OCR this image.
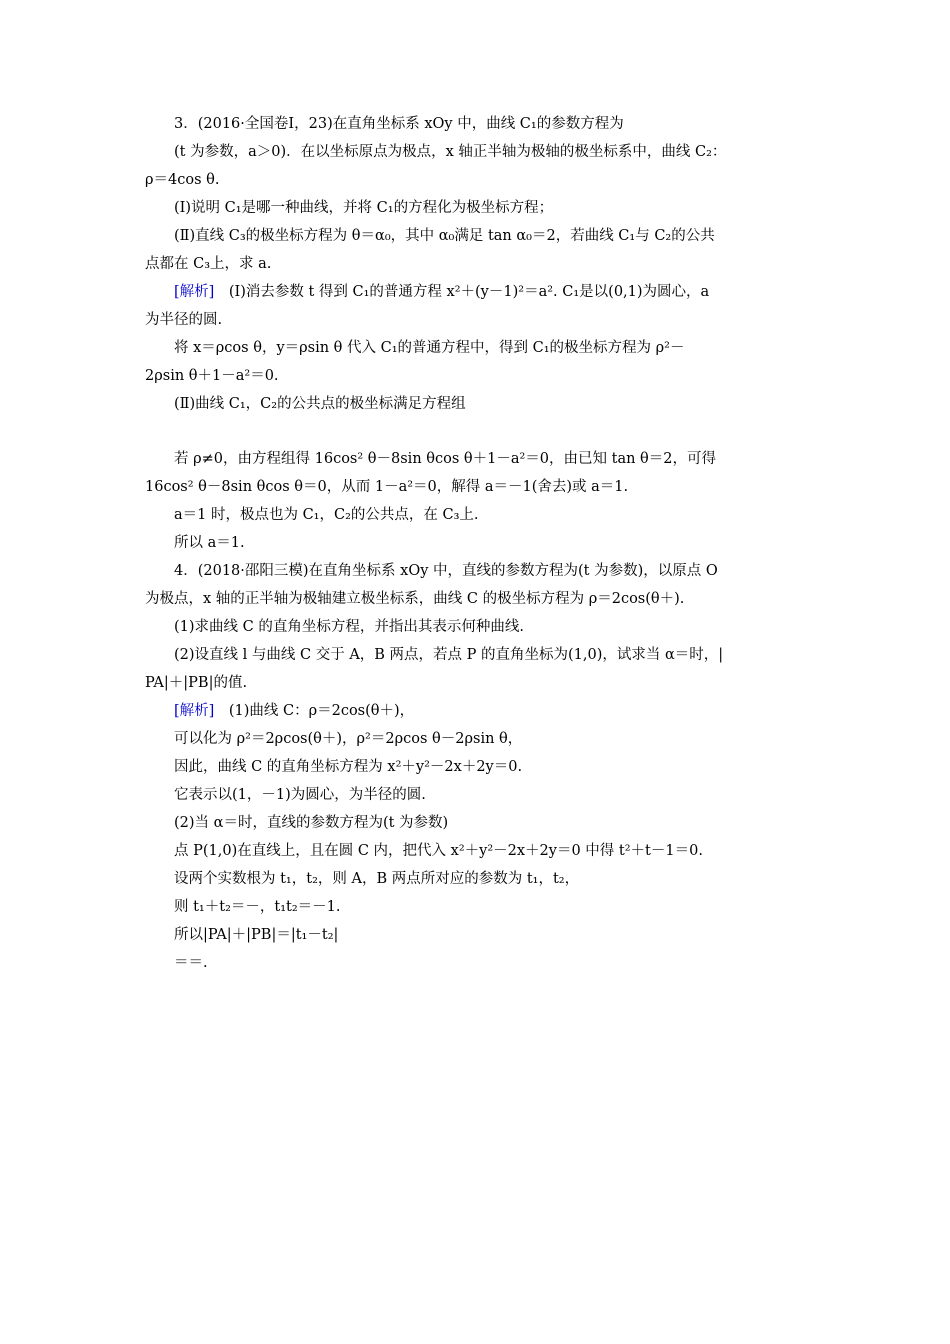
3．(2016·全国卷Ⅰ，23)在直角坐标系 xOy 中，曲线 C₁的参数方程为
(t 为参数，a＞0)．在以坐标原点为极点，x 轴正半轴为极轴的极坐标系中，曲线 C₂：
ρ＝4cos θ.
(Ⅰ)说明 C₁是哪一种曲线，并将 C₁的方程化为极坐标方程；
(Ⅱ)直线 C₃的极坐标方程为 θ＝α₀，其中 α₀满足 tan α₀＝2，若曲线 C₁与 C₂的公共
点都在 C₃上，求 a.
[解析]　(Ⅰ)消去参数 t 得到 C₁的普通方程 x²＋(y－1)²＝a². C₁是以(0,1)为圆心，a
为半径的圆.
将 x＝ρcos θ，y＝ρsin θ 代入 C₁的普通方程中，得到 C₁的极坐标方程为 ρ²－
2ρsin θ＋1－a²＝0.
(Ⅱ)曲线 C₁，C₂的公共点的极坐标满足方程组
若 ρ≠0，由方程组得 16cos² θ－8sin θcos θ＋1－a²＝0，由已知 tan θ＝2，可得
16cos² θ－8sin θcos θ＝0，从而 1－a²＝0，解得 a＝－1(舍去)或 a＝1.
a＝1 时，极点也为 C₁，C₂的公共点，在 C₃上.
所以 a＝1.
4．(2018·邵阳三模)在直角坐标系 xOy 中，直线的参数方程为(t 为参数)，以原点 O
为极点，x 轴的正半轴为极轴建立极坐标系，曲线 C 的极坐标方程为 ρ＝2cos(θ＋).
(1)求曲线 C 的直角坐标方程，并指出其表示何种曲线.
(2)设直线 l 与曲线 C 交于 A，B 两点，若点 P 的直角坐标为(1,0)，试求当 α＝时，|
PA|＋|PB|的值.
[解析]　(1)曲线 C：ρ＝2cos(θ＋)，
可以化为 ρ²＝2ρcos(θ＋)，ρ²＝2ρcos θ－2ρsin θ，
因此，曲线 C 的直角坐标方程为 x²＋y²－2x＋2y＝0.
它表示以(1，－1)为圆心，为半径的圆.
(2)当 α＝时，直线的参数方程为(t 为参数)
点 P(1,0)在直线上，且在圆 C 内，把代入 x²＋y²－2x＋2y＝0 中得 t²＋t－1＝0.
设两个实数根为 t₁，t₂，则 A，B 两点所对应的参数为 t₁，t₂，
则 t₁＋t₂＝－，t₁t₂＝－1.
所以|PA|＋|PB|＝|t₁－t₂|
＝＝.
